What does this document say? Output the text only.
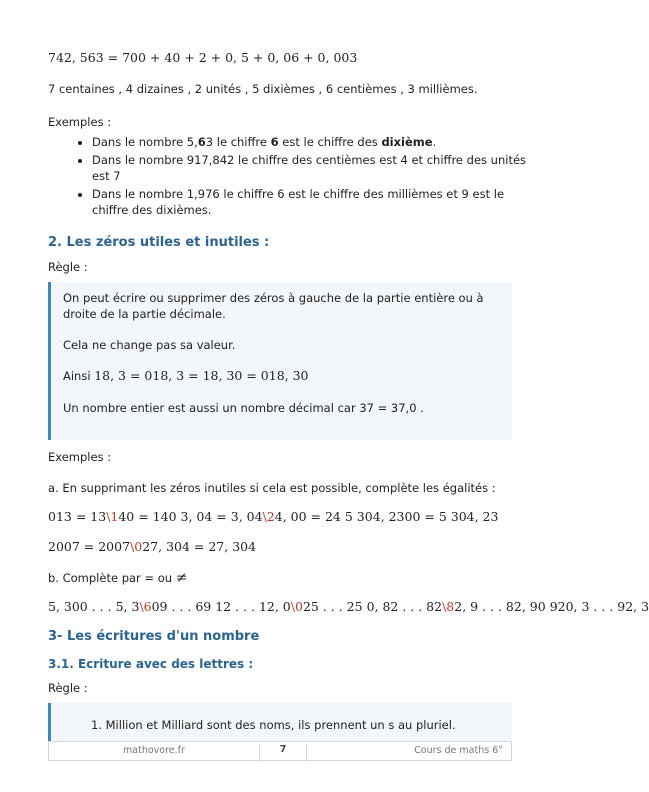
742, 563 = 700 + 40 + 2 + 0, 5 + 0, 06 + 0, 003
7 centaines , 4 dizaines , 2 unités , 5 dixièmes , 6 centièmes , 3 millièmes.
Exemples :
• Dans le nombre 5,63 le chiffre 6 est le chiffre des dixième.
• Dans le nombre 917,842 le chiffre des centièmes est 4 et chiffre des unités est 7
• Dans le nombre 1,976 le chiffre 6 est le chiffre des millièmes et 9 est le chiffre des dixièmes.
2. Les zéros utiles et inutiles :
Règle :

On peut écrire ou supprimer des zéros à gauche de la partie entière ou à droite de la partie décimale.

Cela ne change pas sa valeur.

Ainsi 18, 3 = 018, 3 = 18, 30 = 018, 30

Un nombre entier est aussi un nombre décimal car 37 = 37,0 .

Exemples :
a. En supprimant les zéros inutiles si cela est possible, complète les égalités :
013 = 13\140 = 140 3, 04 = 3, 04\24, 00 = 24 5 304, 2300 = 5 304, 23
2007 = 2007\027, 304 = 27, 304
b. Complète par = ou ≠
5, 300 . . . 5, 3\609 . . . 69 12 . . . 12, 0\025 . . . 25 0, 82 . . . 82\82, 9 . . . 82, 90 920, 3 . . . 92, 3
3- Les écritures d'un nombre
3.1. Ecriture avec des lettres :
Règle :

1. Million et Milliard sont des noms, ils prennent un s au pluriel.

mathovore.fr	7	Cours de maths 6°
